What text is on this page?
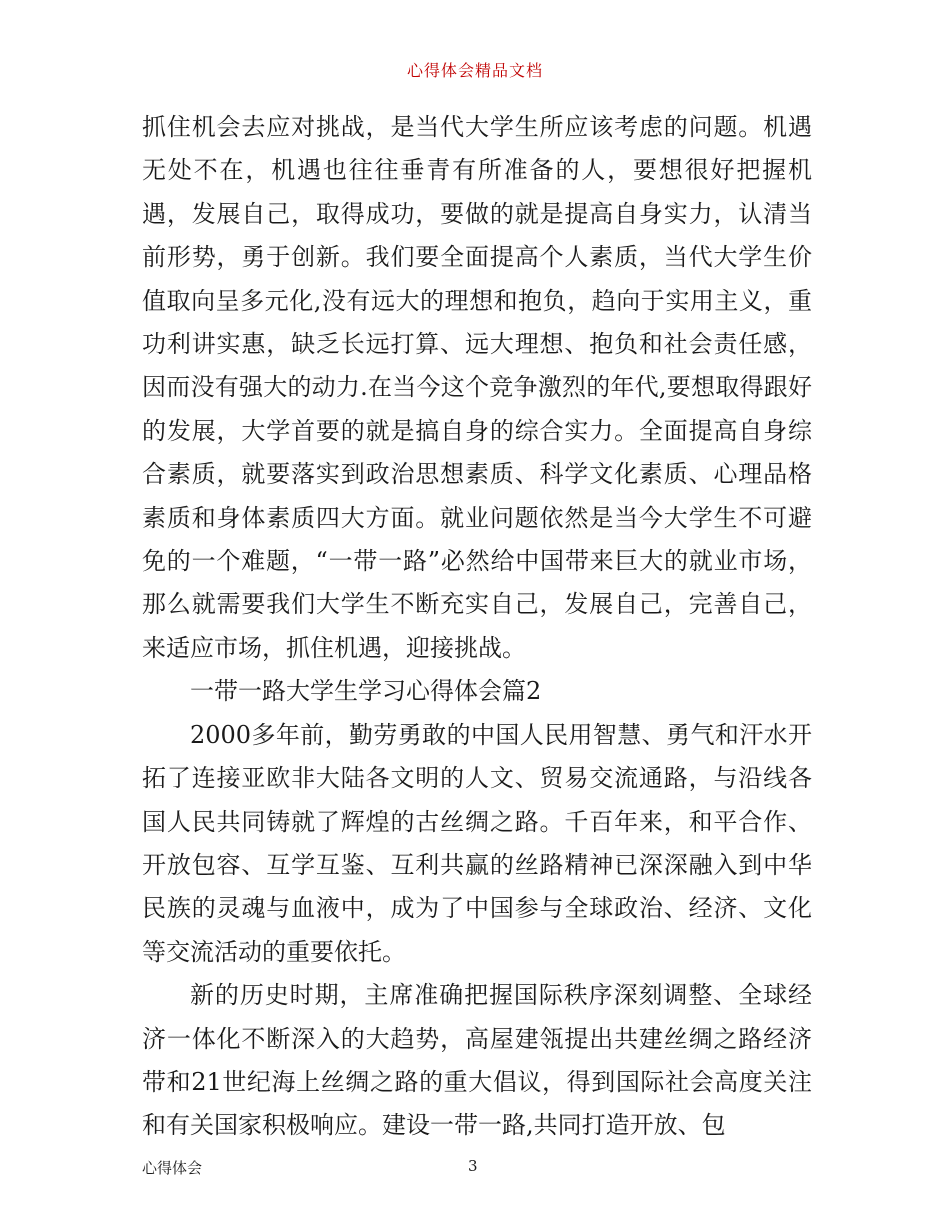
心得体会精品文档

抓住机会去应对挑战，是当代大学生所应该考虑的问题。机遇无处不在，机遇也往往垂青有所准备的人，要想很好把握机遇，发展自己，取得成功，要做的就是提高自身实力，认清当前形势，勇于创新。我们要全面提高个人素质，当代大学生价值取向呈多元化,没有远大的理想和抱负，趋向于实用主义，重功利讲实惠，缺乏长远打算、远大理想、抱负和社会责任感，因而没有强大的动力.在当今这个竞争激烈的年代,要想取得跟好的发展，大学首要的就是搞自身的综合实力。全面提高自身综合素质，就要落实到政治思想素质、科学文化素质、心理品格素质和身体素质四大方面。就业问题依然是当今大学生不可避免的一个难题，“一带一路”必然给中国带来巨大的就业市场，那么就需要我们大学生不断充实自己，发展自己，完善自己，来适应市场，抓住机遇，迎接挑战。

一带一路大学生学习心得体会篇2

2000多年前，勤劳勇敢的中国人民用智慧、勇气和汗水开拓了连接亚欧非大陆各文明的人文、贸易交流通路，与沿线各国人民共同铸就了辉煌的古丝绸之路。千百年来，和平合作、开放包容、互学互鉴、互利共赢的丝路精神已深深融入到中华民族的灵魂与血液中，成为了中国参与全球政治、经济、文化等交流活动的重要依托。

新的历史时期，主席准确把握国际秩序深刻调整、全球经济一体化不断深入的大趋势，高屋建瓴提出共建丝绸之路经济带和21世纪海上丝绸之路的重大倡议，得到国际社会高度关注和有关国家积极响应。建设一带一路,共同打造开放、包

心得体会	3
